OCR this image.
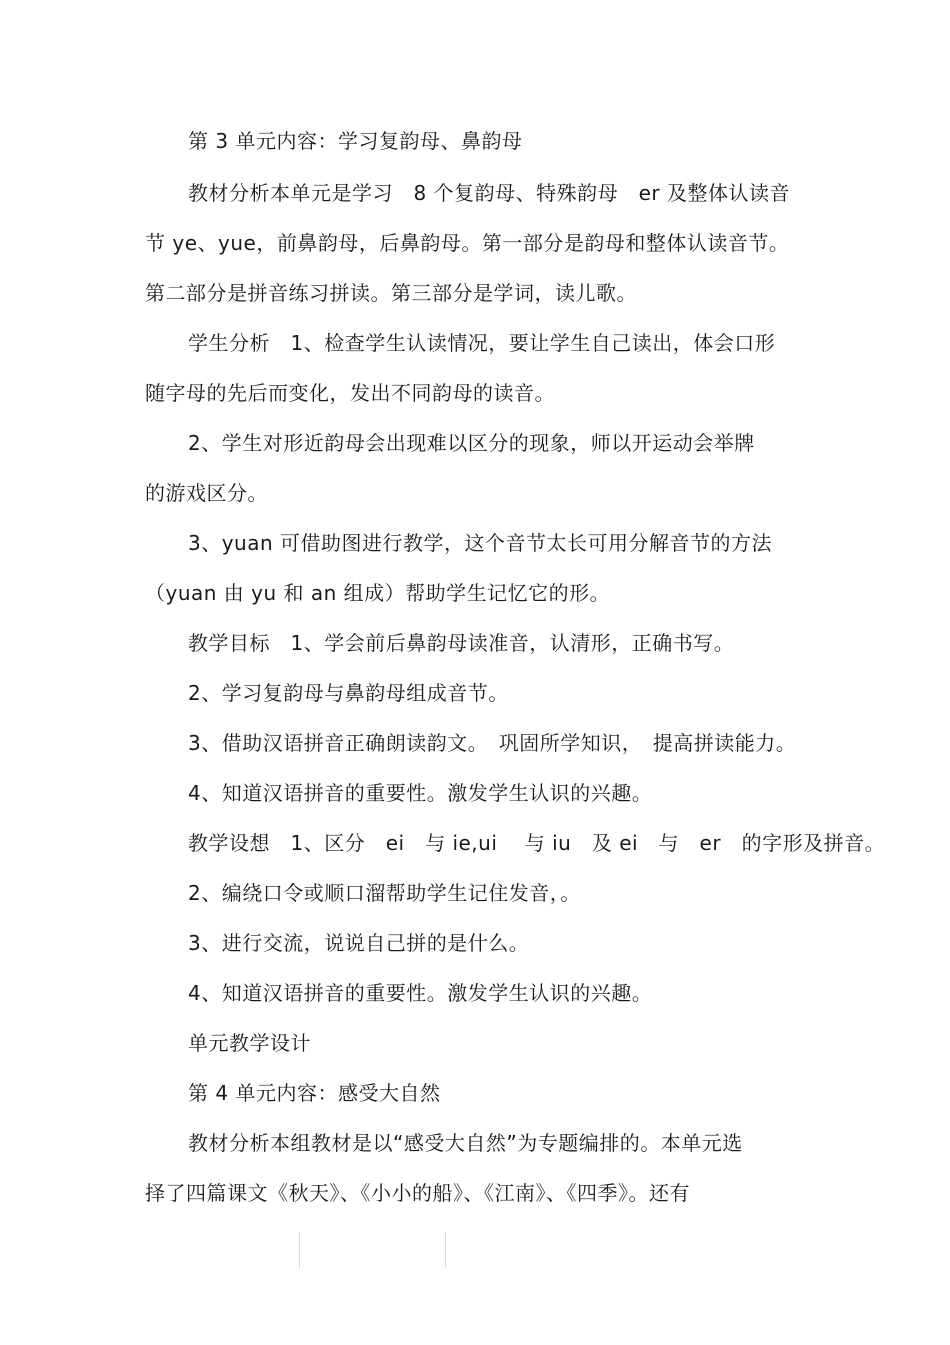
第 3 单元内容：学习复韵母、鼻韵母
教材分析本单元是学习　8 个复韵母、特殊韵母　er 及整体认读音
节 ye、yue，前鼻韵母，后鼻韵母。第一部分是韵母和整体认读音节。
第二部分是拼音练习拼读。第三部分是学词，读儿歌。
学生分析　1、检查学生认读情况，要让学生自己读出，体会口形
随字母的先后而变化，发出不同韵母的读音。
2、学生对形近韵母会出现难以区分的现象，师以开运动会举牌
的游戏区分。
3、yuan 可借助图进行教学，这个音节太长可用分解音节的方法
（yuan 由 yu 和 an 组成）帮助学生记忆它的形。
教学目标　1、学会前后鼻韵母读准音，认清形，正确书写。
2、学习复韵母与鼻韵母组成音节。
3、借助汉语拼音正确朗读韵文。　巩固所学知识，　提高拼读能力。
4、知道汉语拼音的重要性。激发学生认识的兴趣。
教学设想　1、区分　ei　与 ie,ui　 与 iu　及 ei　与　er　的字形及拼音。
2、编绕口令或顺口溜帮助学生记住发音，。
3、进行交流，说说自己拼的是什么。
4、知道汉语拼音的重要性。激发学生认识的兴趣。
单元教学设计
第 4 单元内容：感受大自然
教材分析本组教材是以“感受大自然”为专题编排的。本单元选
择了四篇课文《秋天》、《小小的船》、《江南》、《四季》。还有
